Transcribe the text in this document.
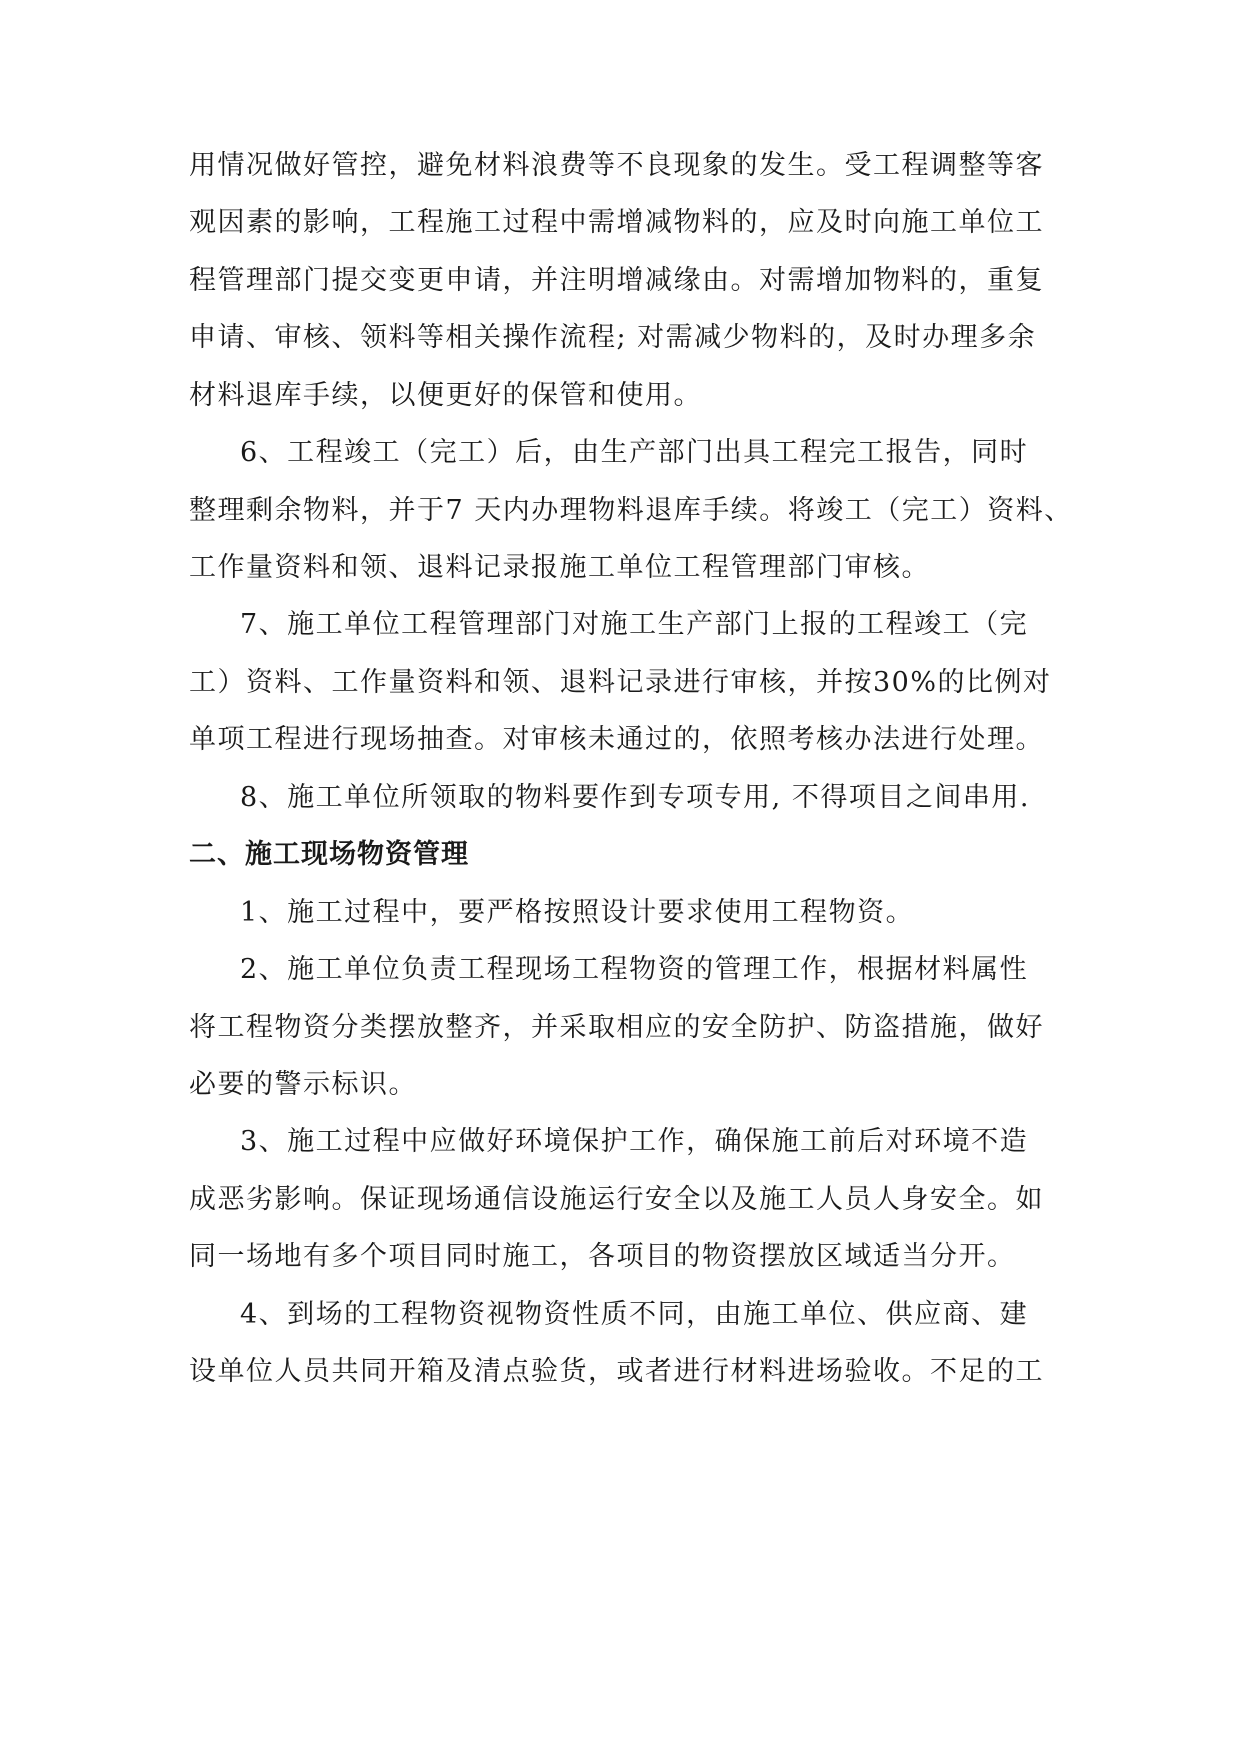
用情况做好管控，避免材料浪费等不良现象的发生。受工程调整等客
观因素的影响，工程施工过程中需增减物料的，应及时向施工单位工
程管理部门提交变更申请，并注明增减缘由。对需增加物料的，重复
申请、审核、领料等相关操作流程; 对需减少物料的，及时办理多余
材料退库手续，以便更好的保管和使用。
6、工程竣工（完工）后，由生产部门出具工程完工报告，同时
整理剩余物料，并于7 天内办理物料退库手续。将竣工（完工）资料、
工作量资料和领、退料记录报施工单位工程管理部门审核。
7、施工单位工程管理部门对施工生产部门上报的工程竣工（完
工）资料、工作量资料和领、退料记录进行审核，并按30%的比例对
单项工程进行现场抽查。对审核未通过的，依照考核办法进行处理。
8、施工单位所领取的物料要作到专项专用, 不得项目之间串用.
二、施工现场物资管理
1、施工过程中，要严格按照设计要求使用工程物资。
2、施工单位负责工程现场工程物资的管理工作，根据材料属性
将工程物资分类摆放整齐，并采取相应的安全防护、防盗措施，做好
必要的警示标识。
3、施工过程中应做好环境保护工作，确保施工前后对环境不造
成恶劣影响。保证现场通信设施运行安全以及施工人员人身安全。如
同一场地有多个项目同时施工，各项目的物资摆放区域适当分开。
4、到场的工程物资视物资性质不同，由施工单位、供应商、建
设单位人员共同开箱及清点验货，或者进行材料进场验收。不足的工
